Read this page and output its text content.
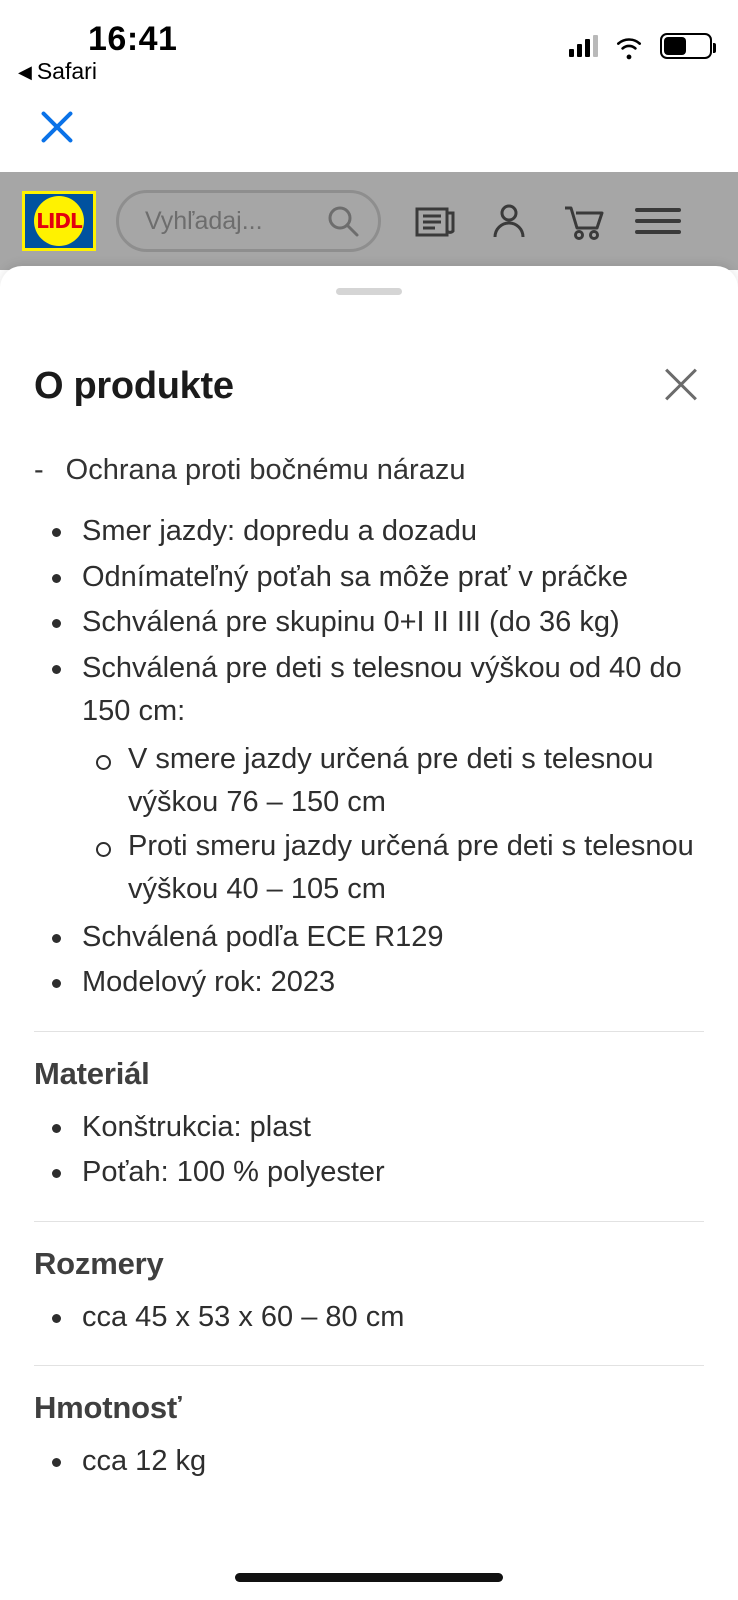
16:41
◀ Safari
27
LIDL	Vyhľadaj...
O produkte
- Ochrana proti bočnému nárazu
Smer jazdy: dopredu a dozadu
Odnímateľný poťah sa môže prať v práčke
Schválená pre skupinu 0+I II III (do 36 kg)
Schválená pre deti s telesnou výškou od 40 do 150 cm:
V smere jazdy určená pre deti s telesnou výškou 76 – 150 cm
Proti smeru jazdy určená pre deti s telesnou výškou 40 – 105 cm
Schválená podľa ECE R129
Modelový rok: 2023
Materiál
Konštrukcia: plast
Poťah: 100 % polyester
Rozmery
cca 45 x 53 x 60 – 80 cm
Hmotnosť
cca 12 kg
